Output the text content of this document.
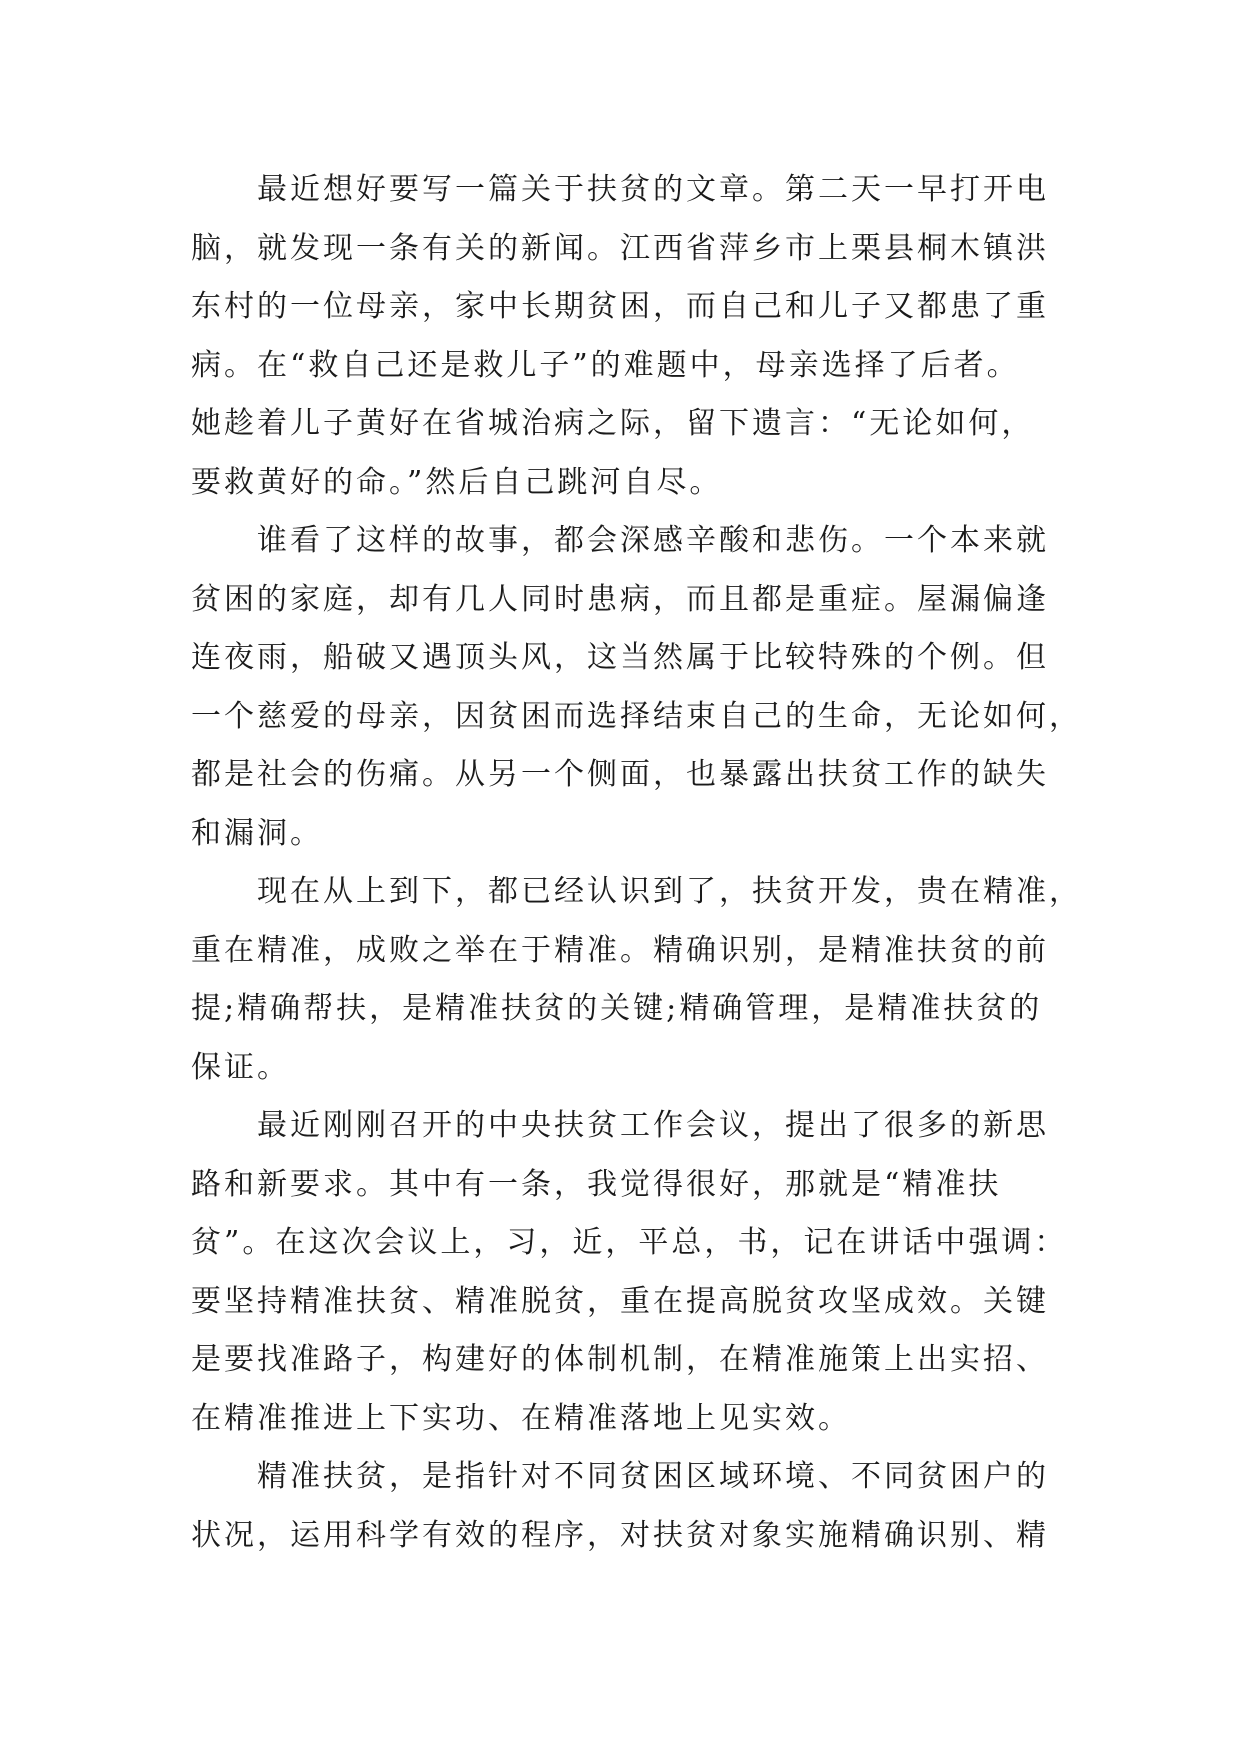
最近想好要写一篇关于扶贫的文章。第二天一早打开电
脑，就发现一条有关的新闻。江西省萍乡市上栗县桐木镇洪
东村的一位母亲，家中长期贫困，而自己和儿子又都患了重
病。在“救自己还是救儿子”的难题中，母亲选择了后者。
她趁着儿子黄好在省城治病之际，留下遗言：“无论如何，
要救黄好的命。”然后自己跳河自尽。
谁看了这样的故事，都会深感辛酸和悲伤。一个本来就
贫困的家庭，却有几人同时患病，而且都是重症。屋漏偏逢
连夜雨，船破又遇顶头风，这当然属于比较特殊的个例。但
一个慈爱的母亲，因贫困而选择结束自己的生命，无论如何，
都是社会的伤痛。从另一个侧面，也暴露出扶贫工作的缺失
和漏洞。
现在从上到下，都已经认识到了，扶贫开发，贵在精准，
重在精准，成败之举在于精准。精确识别，是精准扶贫的前
提;精确帮扶，是精准扶贫的关键;精确管理，是精准扶贫的
保证。
最近刚刚召开的中央扶贫工作会议，提出了很多的新思
路和新要求。其中有一条，我觉得很好，那就是“精准扶
贫”。在这次会议上，习，近，平总，书，记在讲话中强调：
要坚持精准扶贫、精准脱贫，重在提高脱贫攻坚成效。关键
是要找准路子，构建好的体制机制，在精准施策上出实招、
在精准推进上下实功、在精准落地上见实效。
精准扶贫，是指针对不同贫困区域环境、不同贫困户的
状况，运用科学有效的程序，对扶贫对象实施精确识别、精
